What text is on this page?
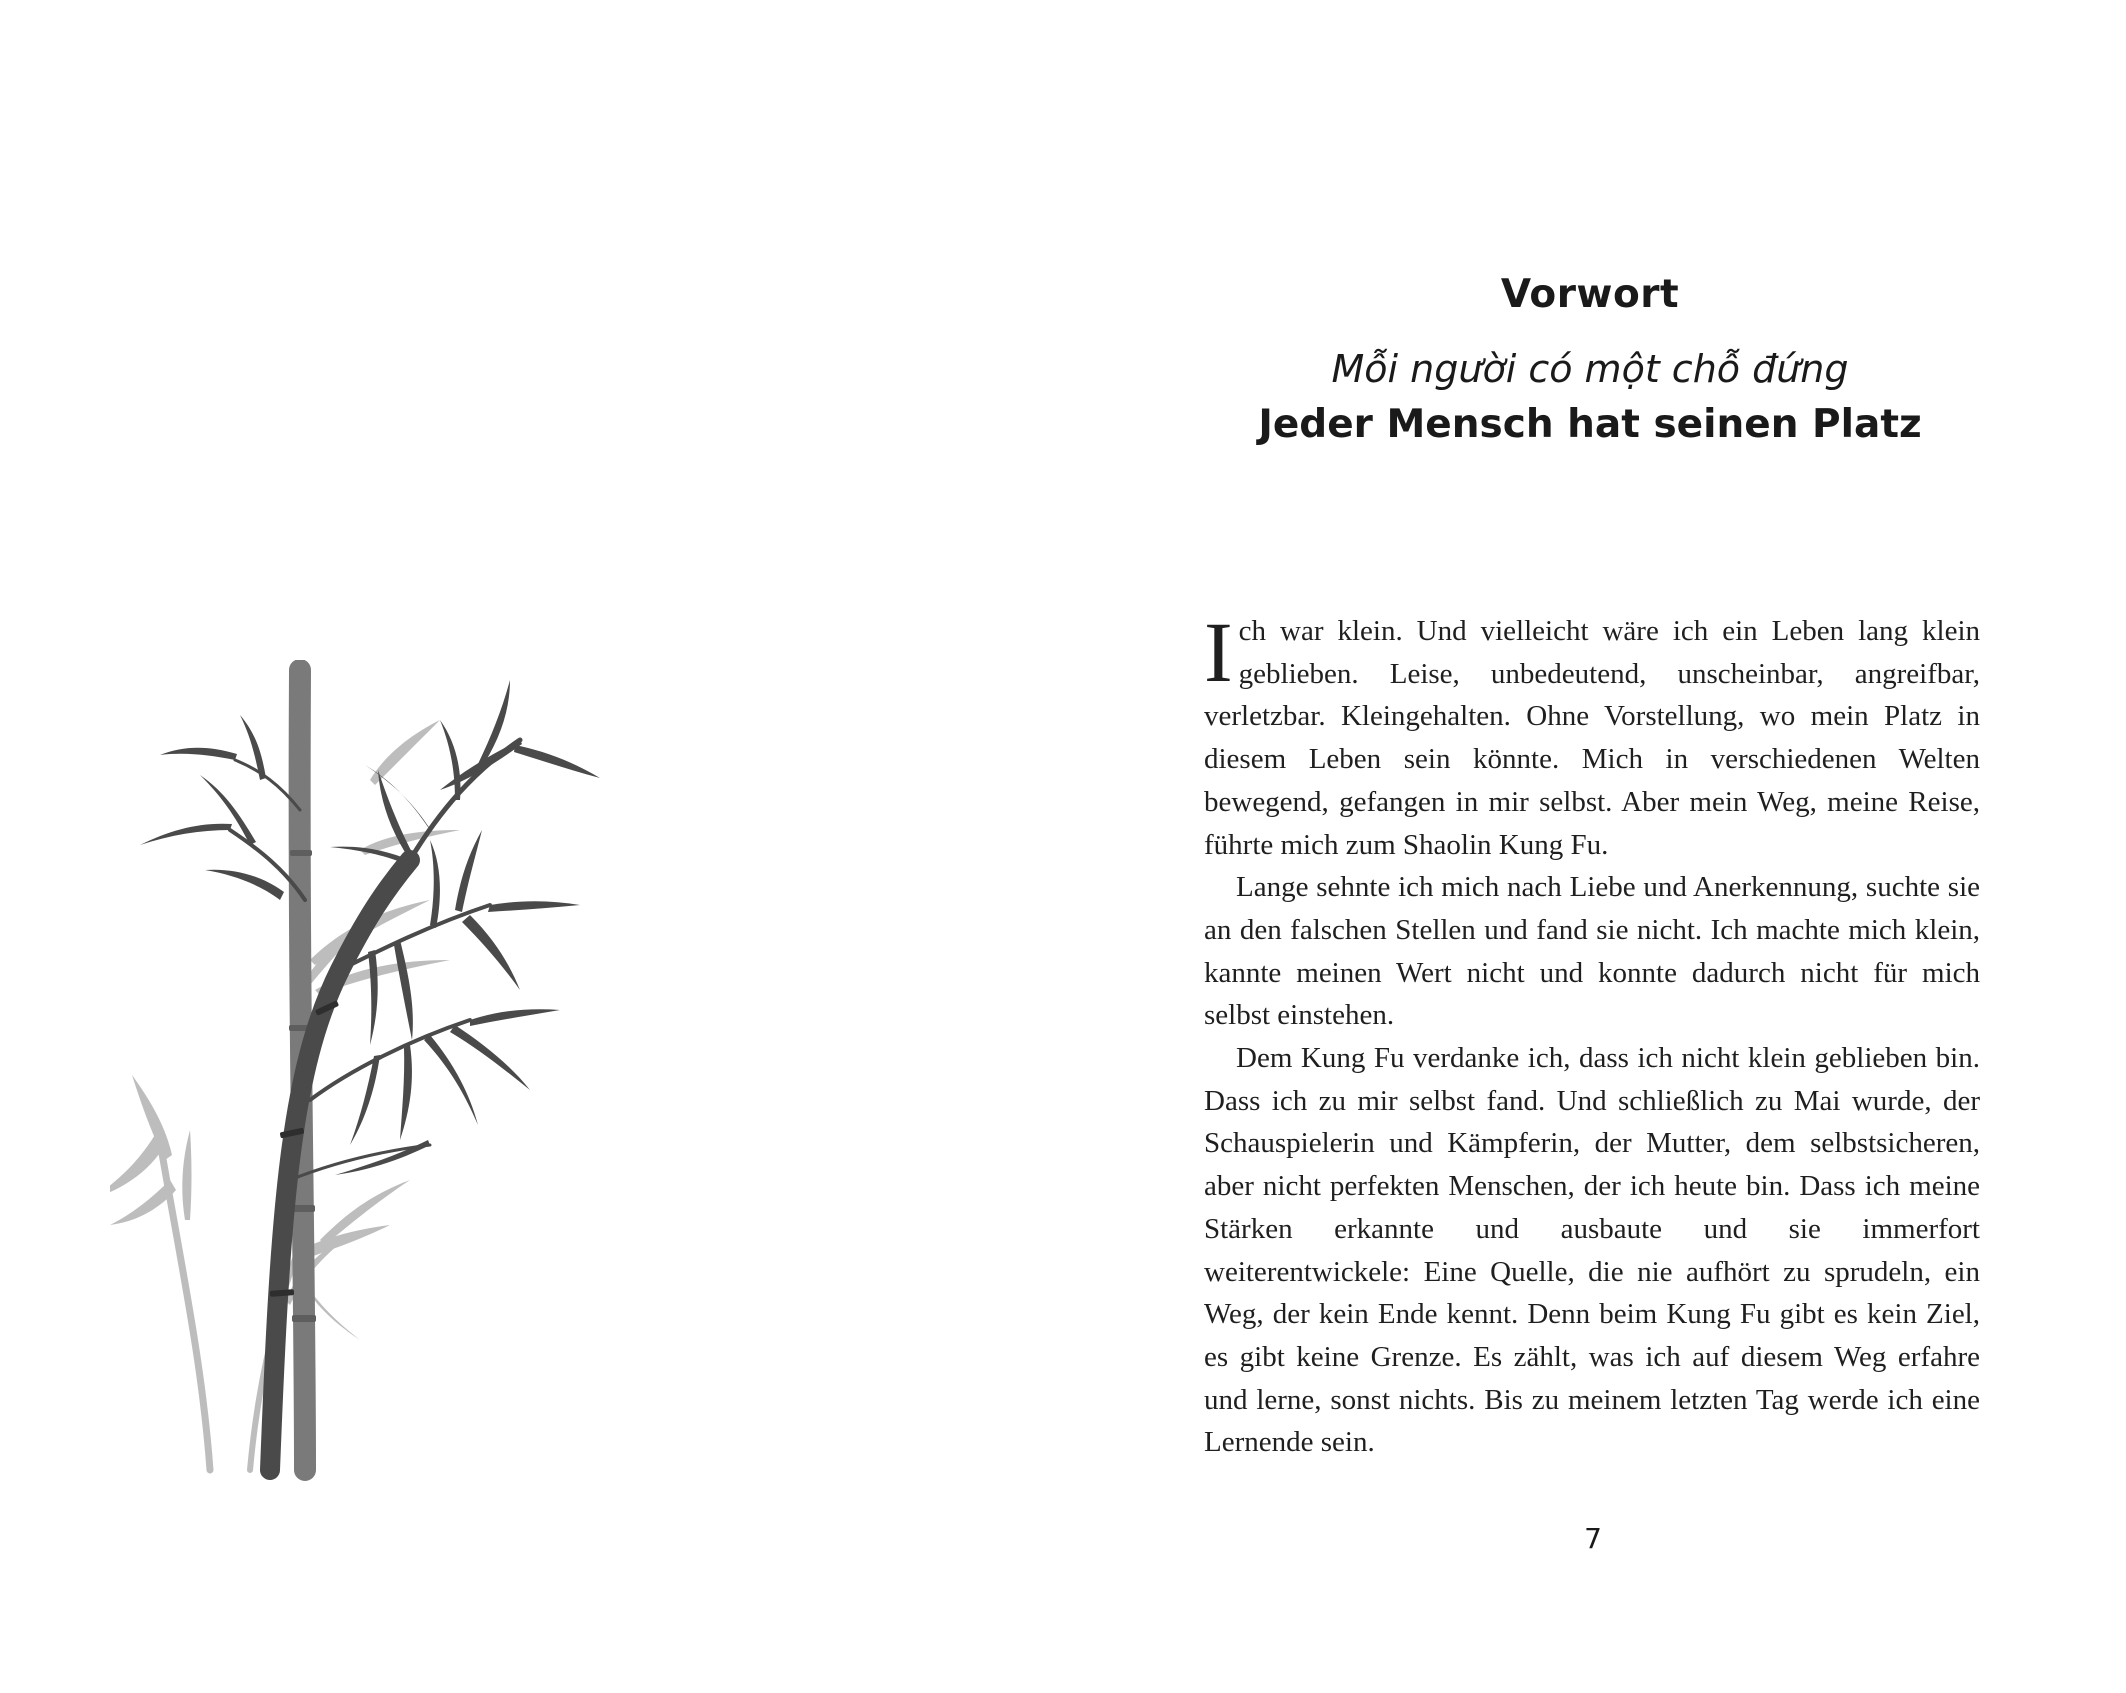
Vorwort
Mỗi người có một chỗ đứng
Jeder Mensch hat seinen Platz

Ich war klein. Und vielleicht wäre ich ein Leben lang klein geblieben. Leise, unbedeutend, unscheinbar, angreifbar, verletzbar. Kleingehalten. Ohne Vorstellung, wo mein Platz in diesem Leben sein könnte. Mich in verschiedenen Welten bewegend, gefangen in mir selbst. Aber mein Weg, meine Reise, führte mich zum Shaolin Kung Fu.

Lange sehnte ich mich nach Liebe und Anerkennung, suchte sie an den falschen Stellen und fand sie nicht. Ich machte mich klein, kannte meinen Wert nicht und konnte dadurch nicht für mich selbst einstehen.

Dem Kung Fu verdanke ich, dass ich nicht klein geblieben bin. Dass ich zu mir selbst fand. Und schließlich zu Mai wurde, der Schauspielerin und Kämpferin, der Mutter, dem selbstsicheren, aber nicht perfekten Menschen, der ich heute bin. Dass ich meine Stärken erkannte und ausbaute und sie immerfort weiterentwickele: Eine Quelle, die nie aufhört zu sprudeln, ein Weg, der kein Ende kennt. Denn beim Kung Fu gibt es kein Ziel, es gibt keine Grenze. Es zählt, was ich auf diesem Weg erfahre und lerne, sonst nichts. Bis zu meinem letzten Tag werde ich eine Lernende sein.

7
